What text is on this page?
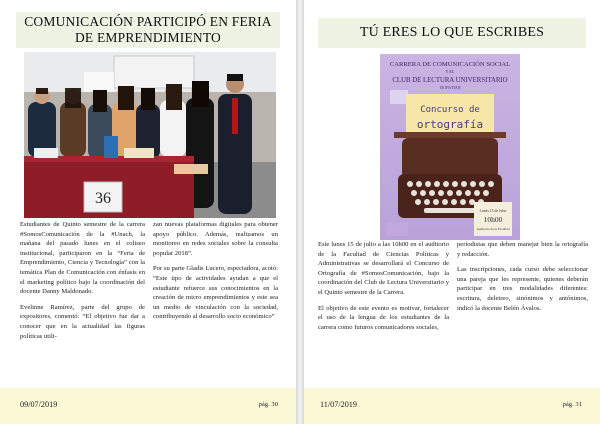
COMUNICACIÓN PARTICIPÓ EN FERIA DE EMPRENDIMIENTO
36

Estudiantes de Quinto semestre de la carrera #SomosComunicación de la #Unach, la mañana del pasado lunes en el coliseo institucional, participaron en la “Feria de Emprendimiento, Ciencia y Tecnología” con la temática Plan de Comunicación con énfasis en el marketing político bajo la coordinación del docente Danny Maldonado.

Evelinne Ramírez, parte del grupo de expositores, comentó: “El objetivo fue dar a conocer que en la actualidad las figuras políticas utili-

zan nuevas plataformas digitales para obtener apoyo público. Además, realizamos un monitoreo en redes sociales sobre la consulta popular 2018”.

Por su parte Gladis Lucero, espectadora, acotó: “Este tipo de actividades ayudan a que el estudiante refuerce sus conocimientos en la creación de micro emprendimientos y este sea un medio de vinculación con la sociedad, contribuyendo al desarrollo socio económico”

09/07/2019	pág. 30
TÚ ERES LO QUE ESCRIBES
CARRERA DE COMUNICACIÓN SOCIAL
Y EL
CLUB DE LECTURA UNIVERSITARIO
TE INVITAN
Concurso de
ortografía
Lunes 15 de Julio
10h00
Auditorio de la Facultad

Este lunes 15 de julio a las 10h00 en el auditorio de la Facultad de Ciencias Políticas y Administrativas se desarrollará el Concurso de Ortografía de #SomosComunicación, bajo la coordinación del Club de Lectura Universitario y el Quinto semestre de la Carrera.

El objetivo de este evento es motivar, fortalecer el uso de la lengua de los estudiantes de la carrera como futuros comunicadores sociales,

periodistas que deben manejar bien la ortografía y redacción.

Las inscripciones, cada curso debe seleccionar una pareja que les represente, quienes deberán participar en tres modalidades diferentes: escritura, deletreo, sinónimos y antónimos, indicó la docente Belén Ávalos.

11/07/2019	pág. 31
